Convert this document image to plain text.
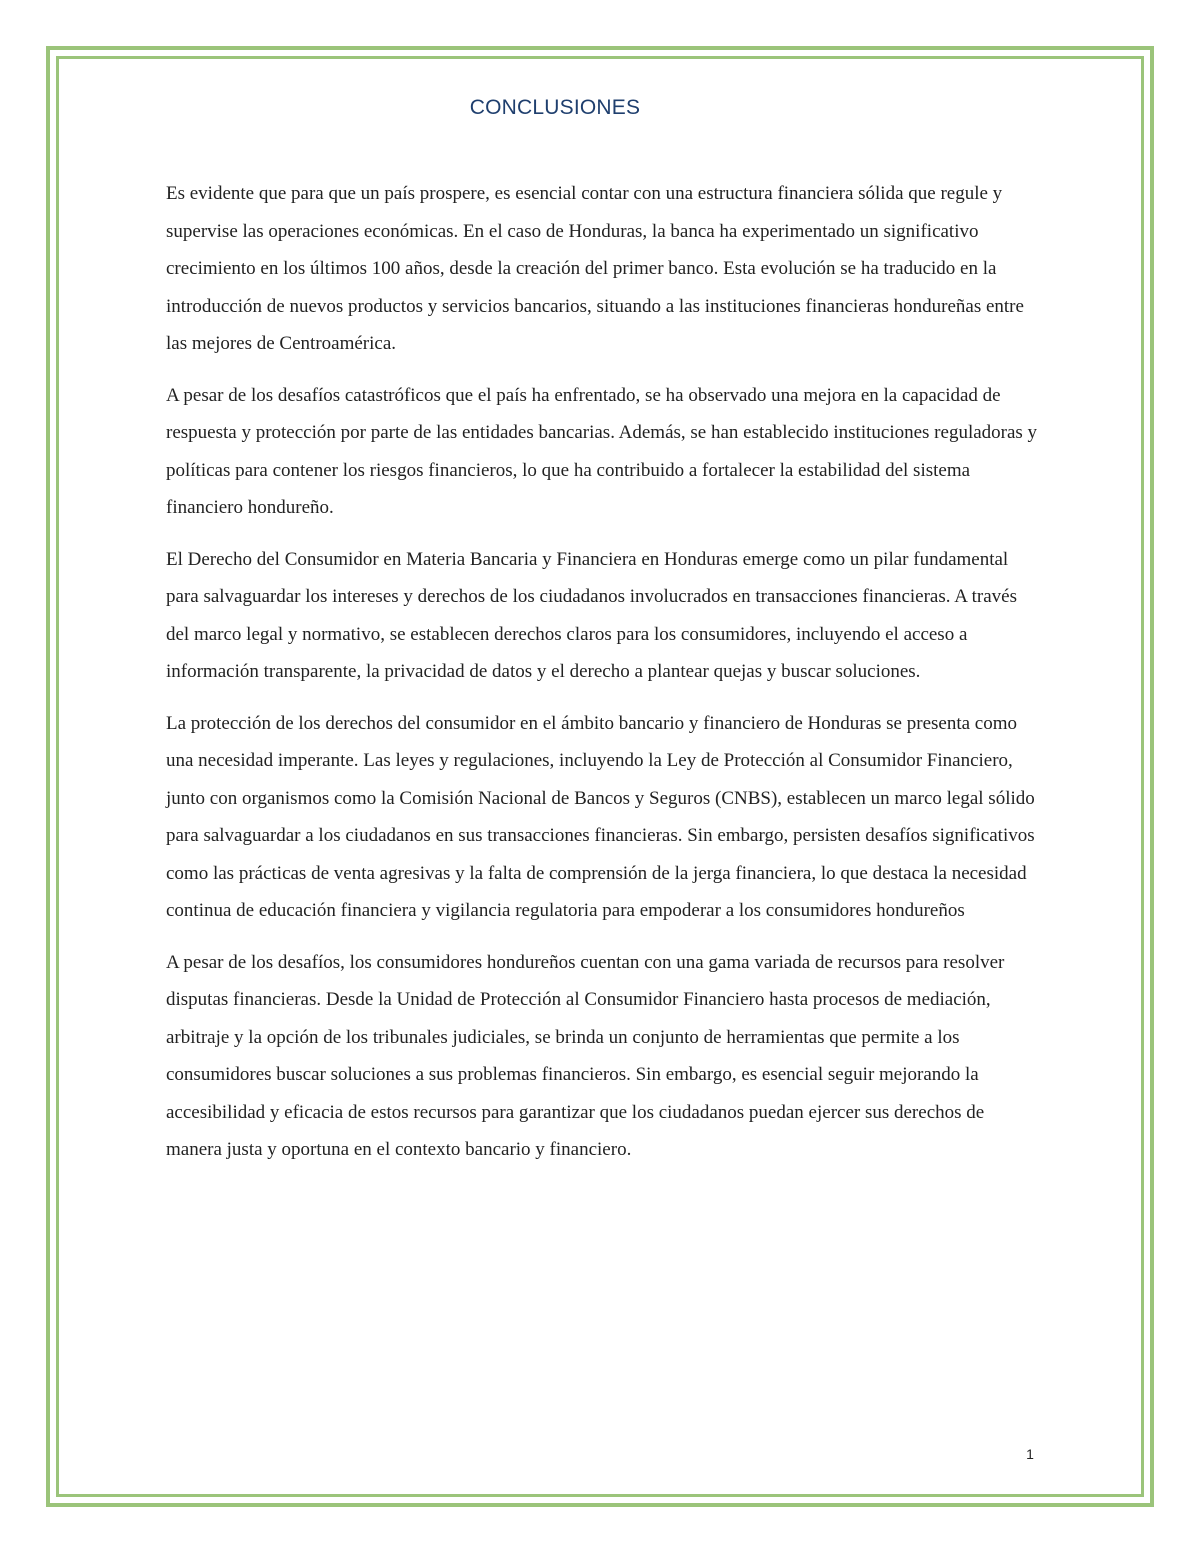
CONCLUSIONES

Es evidente que para que un país prospere, es esencial contar con una estructura financiera sólida que regule y supervise las operaciones económicas. En el caso de Honduras, la banca ha experimentado un significativo crecimiento en los últimos 100 años, desde la creación del primer banco. Esta evolución se ha traducido en la introducción de nuevos productos y servicios bancarios, situando a las instituciones financieras hondureñas entre las mejores de Centroamérica.

A pesar de los desafíos catastróficos que el país ha enfrentado, se ha observado una mejora en la capacidad de respuesta y protección por parte de las entidades bancarias. Además, se han establecido instituciones reguladoras y políticas para contener los riesgos financieros, lo que ha contribuido a fortalecer la estabilidad del sistema financiero hondureño.

El Derecho del Consumidor en Materia Bancaria y Financiera en Honduras emerge como un pilar fundamental para salvaguardar los intereses y derechos de los ciudadanos involucrados en transacciones financieras. A través del marco legal y normativo, se establecen derechos claros para los consumidores, incluyendo el acceso a información transparente, la privacidad de datos y el derecho a plantear quejas y buscar soluciones.

La protección de los derechos del consumidor en el ámbito bancario y financiero de Honduras se presenta como una necesidad imperante. Las leyes y regulaciones, incluyendo la Ley de Protección al Consumidor Financiero, junto con organismos como la Comisión Nacional de Bancos y Seguros (CNBS), establecen un marco legal sólido para salvaguardar a los ciudadanos en sus transacciones financieras. Sin embargo, persisten desafíos significativos como las prácticas de venta agresivas y la falta de comprensión de la jerga financiera, lo que destaca la necesidad continua de educación financiera y vigilancia regulatoria para empoderar a los consumidores hondureños

A pesar de los desafíos, los consumidores hondureños cuentan con una gama variada de recursos para resolver disputas financieras. Desde la Unidad de Protección al Consumidor Financiero hasta procesos de mediación, arbitraje y la opción de los tribunales judiciales, se brinda un conjunto de herramientas que permite a los consumidores buscar soluciones a sus problemas financieros. Sin embargo, es esencial seguir mejorando la accesibilidad y eficacia de estos recursos para garantizar que los ciudadanos puedan ejercer sus derechos de manera justa y oportuna en el contexto bancario y financiero.

1
